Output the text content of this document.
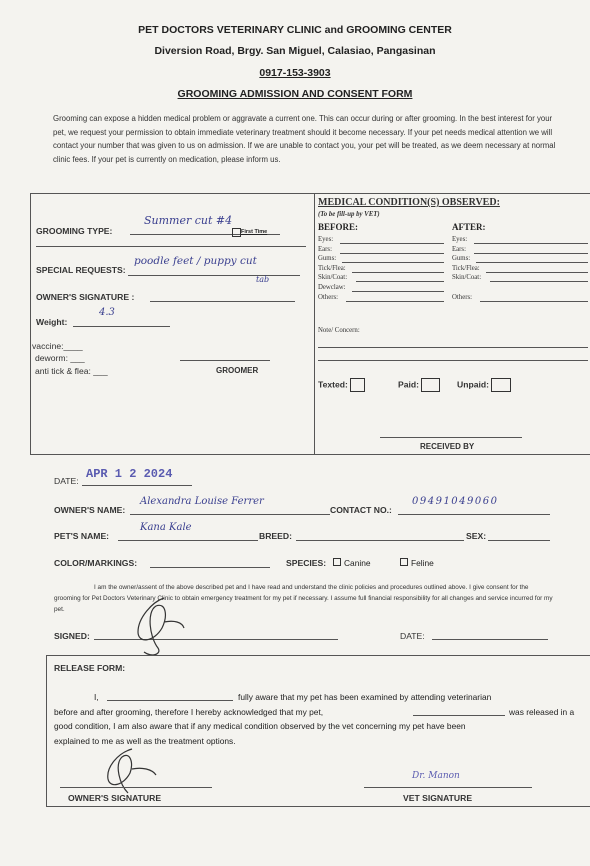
PET DOCTORS VETERINARY CLINIC and GROOMING CENTER
Diversion Road, Brgy. San Miguel, Calasiao, Pangasinan
0917-153-3903
GROOMING ADMISSION AND CONSENT FORM
Grooming can expose a hidden medical problem or aggravate a current one. This can occur during or after grooming. In the best interest for your pet, we request your permission to obtain immediate veterinary treatment should it become necessary. If your pet needs medical attention we will contact your number that was given to us on admission. If we are unable to contact you, your pet will be treated, as we deem necessary at normal clinic fees. If your pet is currently on medication, please inform us.
GROOMING TYPE:
Summer cut #4
First Time
SPECIAL REQUESTS:
poodle feet / puppy cut
tab
OWNER'S SIGNATURE :
Weight:
4.3
vaccine:____
deworm: ___
anti tick & flea: ___	GROOMER
MEDICAL CONDITION(S) OBSERVED:
(To be fill-up by VET)
BEFORE:	AFTER:
Eyes:	Eyes:
Ears:	Ears:
Gums:	Gums:
Tick/Flea:	Tick/Flea:
Skin/Coat:	Skin/Coat:
Dewclaw:
Others:	Others:
Note/ Concern:
Texted:	Paid:	Unpaid:
RECEIVED BY
DATE: APR 1 2 2024
OWNER'S NAME:
Alexandra Louise Ferrer
CONTACT NO.:
09491049060
PET'S NAME:
Kana Kale
BREED:	SEX:
COLOR/MARKINGS:	SPECIES:	Canine	Feline
I am the owner/assent of the above described pet and I have read and understand the clinic policies and procedures outlined above. I give consent for the grooming for Pet Doctors Veterinary Clinic to obtain emergency treatment for my pet if necessary. I assume full financial responsibility for all changes and service incurred for my pet.
SIGNED:	DATE:
RELEASE FORM:
I,	fully aware that my pet has been examined by attending veterinarian
before and after grooming, therefore I hereby acknowledged that my pet,	was released in a
good condition, I am also aware that if any medical condition observed by the vet concerning my pet have been
explained to me as well as the treatment options.
OWNER'S SIGNATURE
Dr. Manon
VET SIGNATURE
